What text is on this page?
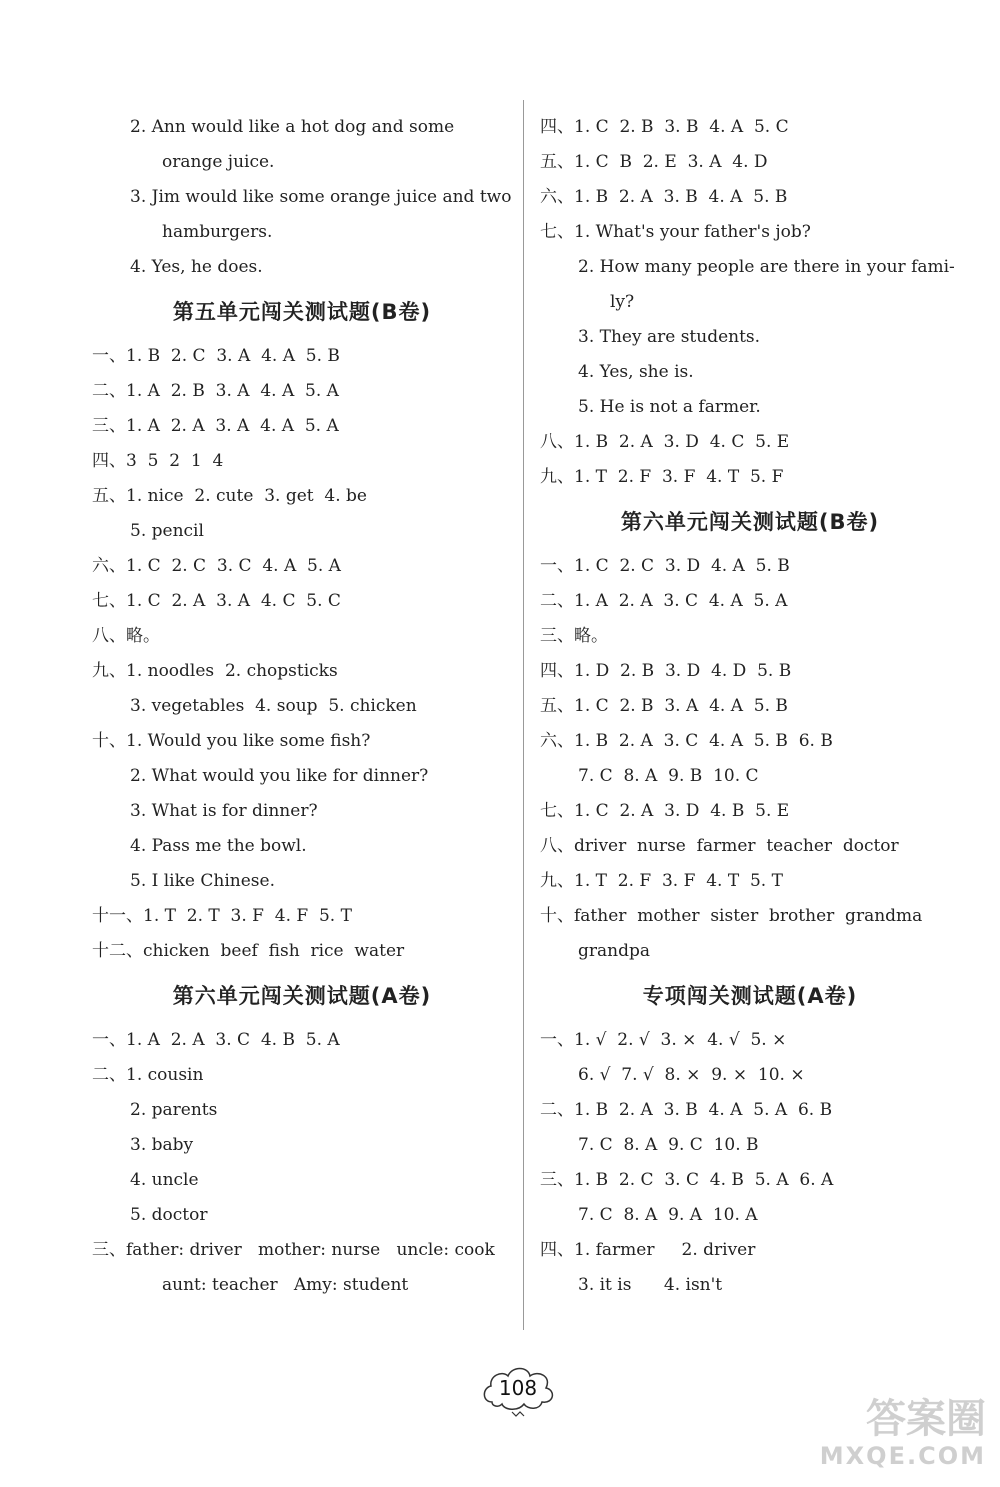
2. Ann would like a hot dog and some
orange juice.
3. Jim would like some orange juice and two
hamburgers.
4. Yes, he does.
第五单元闯关测试题(B卷)
一、1. B  2. C  3. A  4. A  5. B
二、1. A  2. B  3. A  4. A  5. A
三、1. A  2. A  3. A  4. A  5. A
四、3  5  2  1  4
五、1. nice  2. cute  3. get  4. be
5. pencil
六、1. C  2. C  3. C  4. A  5. A
七、1. C  2. A  3. A  4. C  5. C
八、略。
九、1. noodles  2. chopsticks
3. vegetables  4. soup  5. chicken
十、1. Would you like some fish?
2. What would you like for dinner?
3. What is for dinner?
4. Pass me the bowl.
5. I like Chinese.
十一、1. T  2. T  3. F  4. F  5. T
十二、chicken  beef  fish  rice  water
第六单元闯关测试题(A卷)
一、1. A  2. A  3. C  4. B  5. A
二、1. cousin
2. parents
3. baby
4. uncle
5. doctor
三、father: driver   mother: nurse   uncle: cook
aunt: teacher   Amy: student
四、1. C  2. B  3. B  4. A  5. C
五、1. C  B  2. E  3. A  4. D
六、1. B  2. A  3. B  4. A  5. B
七、1. What's your father's job?
2. How many people are there in your fami-
ly?
3. They are students.
4. Yes, she is.
5. He is not a farmer.
八、1. B  2. A  3. D  4. C  5. E
九、1. T  2. F  3. F  4. T  5. F
第六单元闯关测试题(B卷)
一、1. C  2. C  3. D  4. A  5. B
二、1. A  2. A  3. C  4. A  5. A
三、略。
四、1. D  2. B  3. D  4. D  5. B
五、1. C  2. B  3. A  4. A  5. B
六、1. B  2. A  3. C  4. A  5. B  6. B
7. C  8. A  9. B  10. C
七、1. C  2. A  3. D  4. B  5. E
八、driver  nurse  farmer  teacher  doctor
九、1. T  2. F  3. F  4. T  5. T
十、father  mother  sister  brother  grandma
grandpa
专项闯关测试题(A卷)
一、1. √  2. √  3. ×  4. √  5. ×
6. √  7. √  8. ×  9. ×  10. ×
二、1. B  2. A  3. B  4. A  5. A  6. B
7. C  8. A  9. C  10. B
三、1. B  2. C  3. C  4. B  5. A  6. A
7. C  8. A  9. A  10. A
四、1. farmer     2. driver
3. it is      4. isn't
108
答案圈
MXQE.COM
